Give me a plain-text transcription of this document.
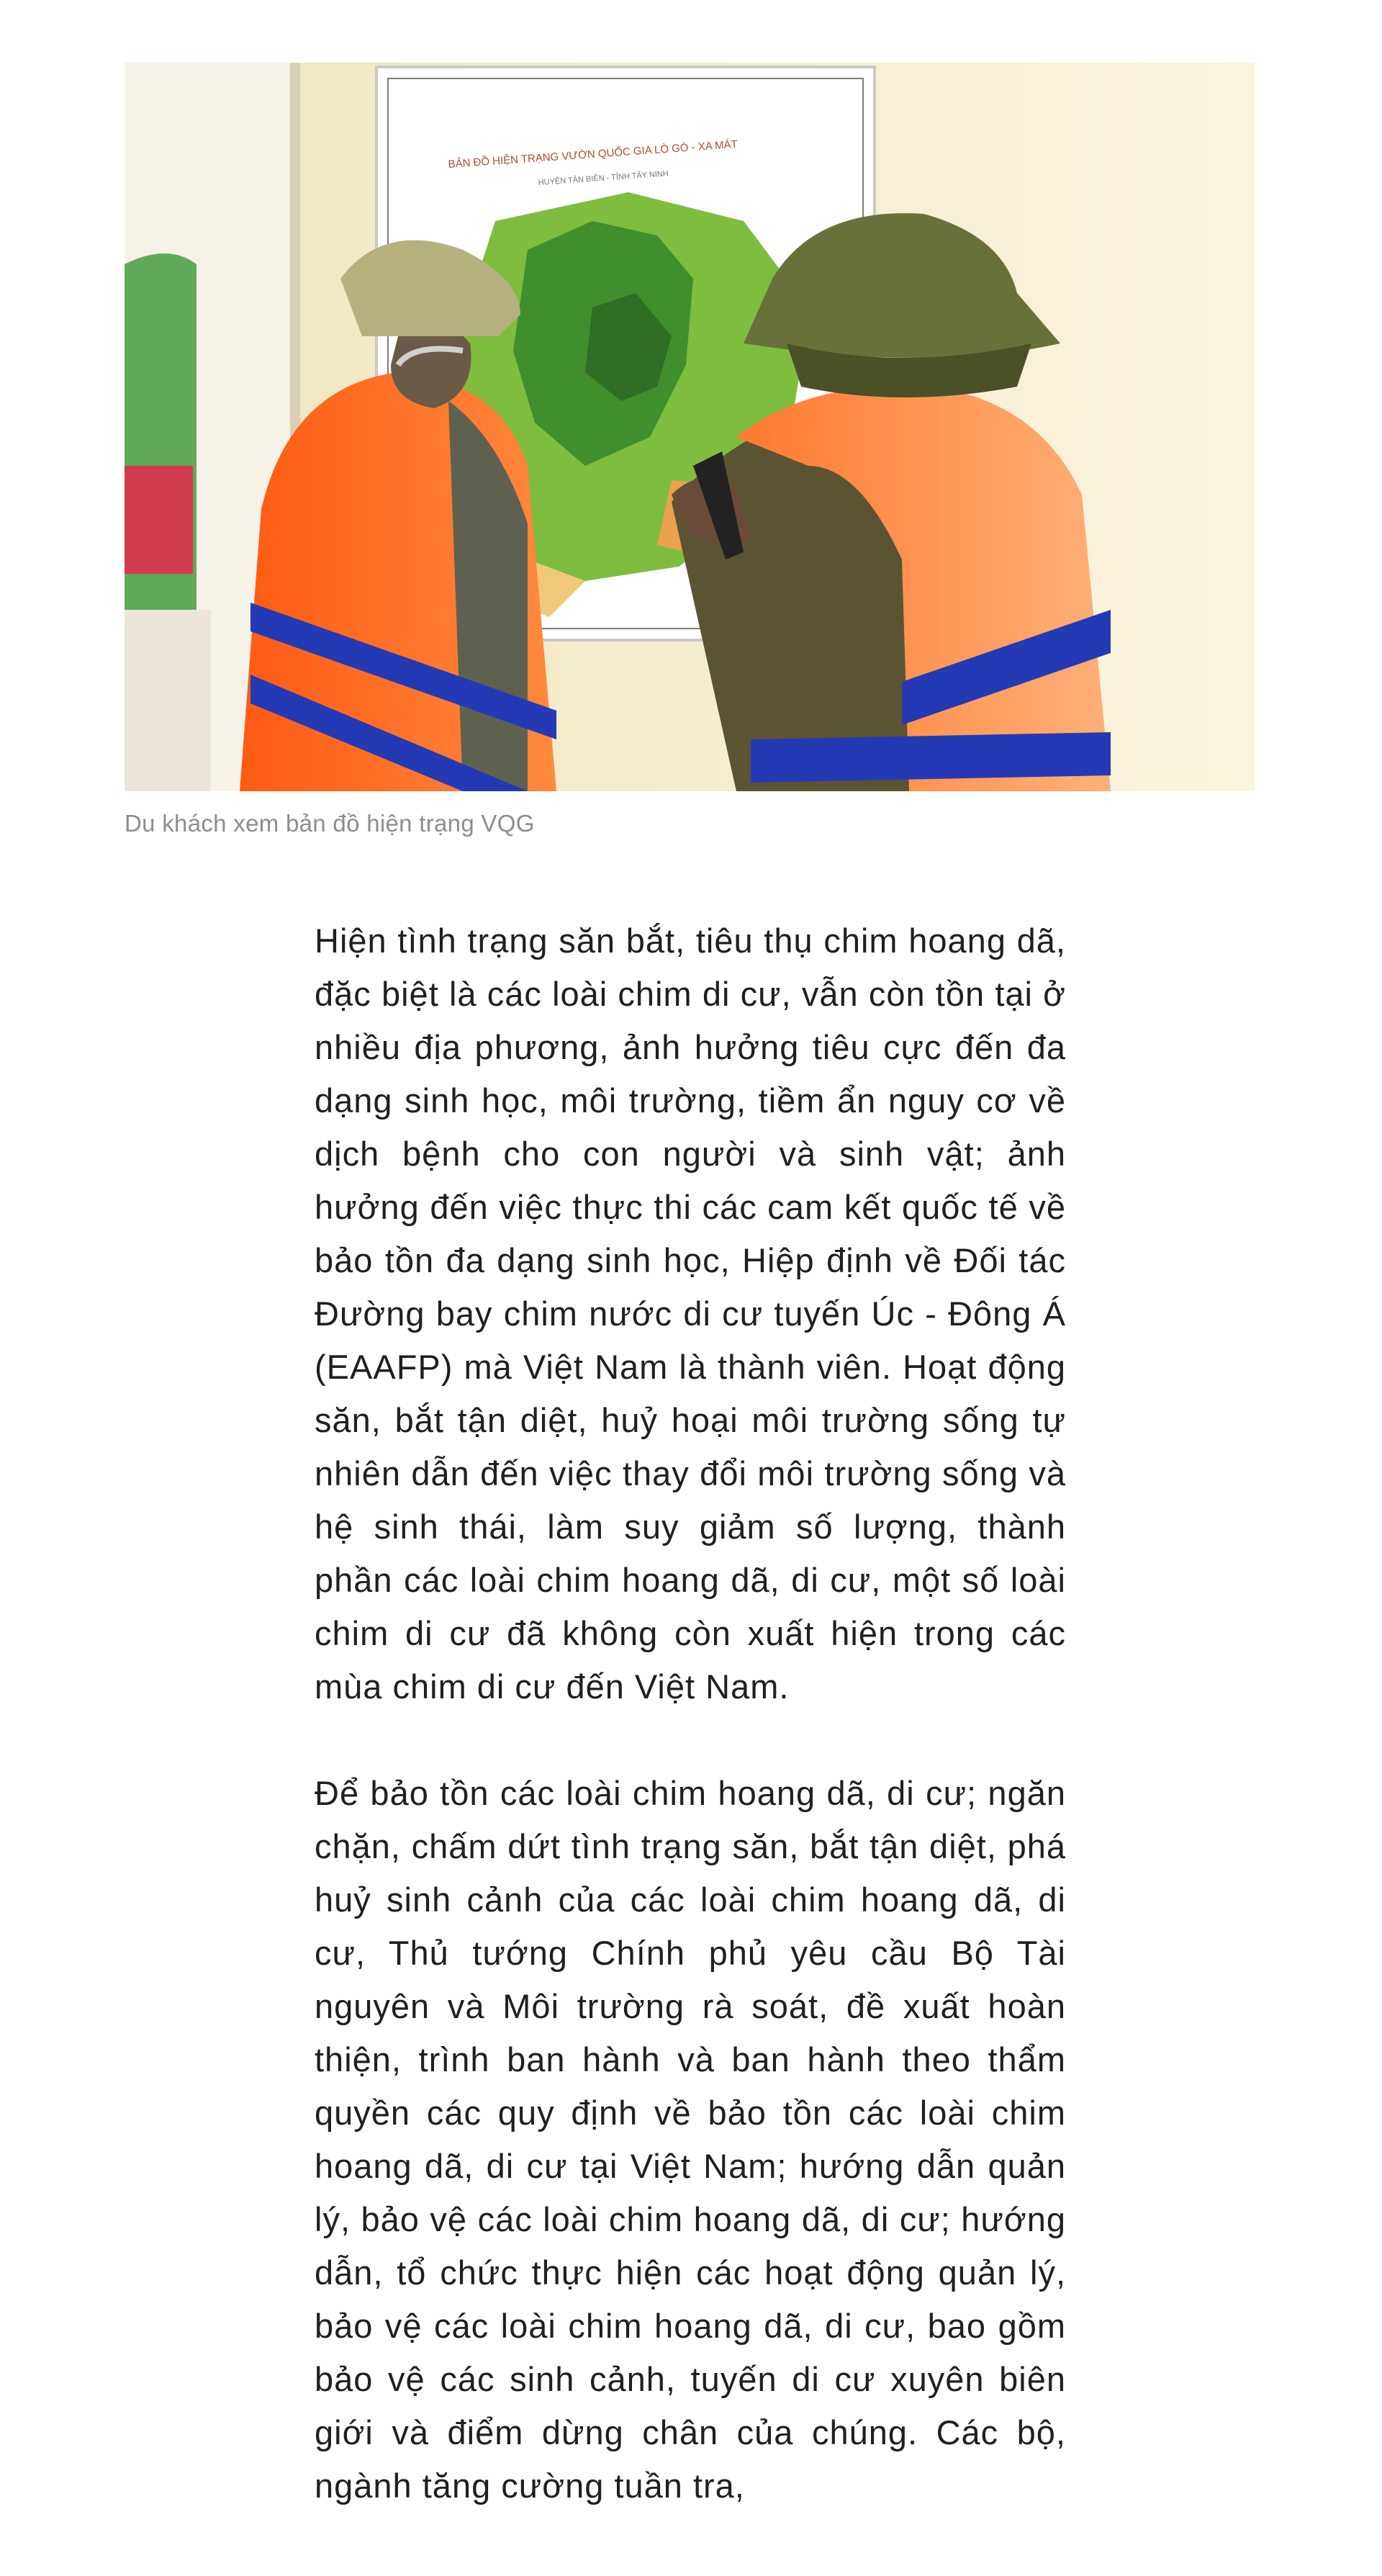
BẢN ĐỒ HIỆN TRẠNG VƯỜN QUỐC GIA LÒ GÒ - XA MÁT
HUYỆN TÂN BIÊN - TỈNH TÂY NINH
Du khách xem bản đồ hiện trạng VQG

Hiện tình trạng săn bắt, tiêu thụ chim hoang dã, đặc biệt là các loài chim di cư, vẫn còn tồn tại ở nhiều địa phương, ảnh hưởng tiêu cực đến đa dạng sinh học, môi trường, tiềm ẩn nguy cơ về dịch bệnh cho con người và sinh vật; ảnh hưởng đến việc thực thi các cam kết quốc tế về bảo tồn đa dạng sinh học, Hiệp định về Đối tác Đường bay chim nước di cư tuyến Úc - Đông Á (EAAFP) mà Việt Nam là thành viên. Hoạt động săn, bắt tận diệt, huỷ hoại môi trường sống tự nhiên dẫn đến việc thay đổi môi trường sống và hệ sinh thái, làm suy giảm số lượng, thành phần các loài chim hoang dã, di cư, một số loài chim di cư đã không còn xuất hiện trong các mùa chim di cư đến Việt Nam.

Để bảo tồn các loài chim hoang dã, di cư; ngăn chặn, chấm dứt tình trạng săn, bắt tận diệt, phá huỷ sinh cảnh của các loài chim hoang dã, di cư, Thủ tướng Chính phủ yêu cầu Bộ Tài nguyên và Môi trường rà soát, đề xuất hoàn thiện, trình ban hành và ban hành theo thẩm quyền các quy định về bảo tồn các loài chim hoang dã, di cư tại Việt Nam; hướng dẫn quản lý, bảo vệ các loài chim hoang dã, di cư; hướng dẫn, tổ chức thực hiện các hoạt động quản lý, bảo vệ các loài chim hoang dã, di cư, bao gồm bảo vệ các sinh cảnh, tuyến di cư xuyên biên giới và điểm dừng chân của chúng. Các bộ, ngành tăng cường tuần tra,
